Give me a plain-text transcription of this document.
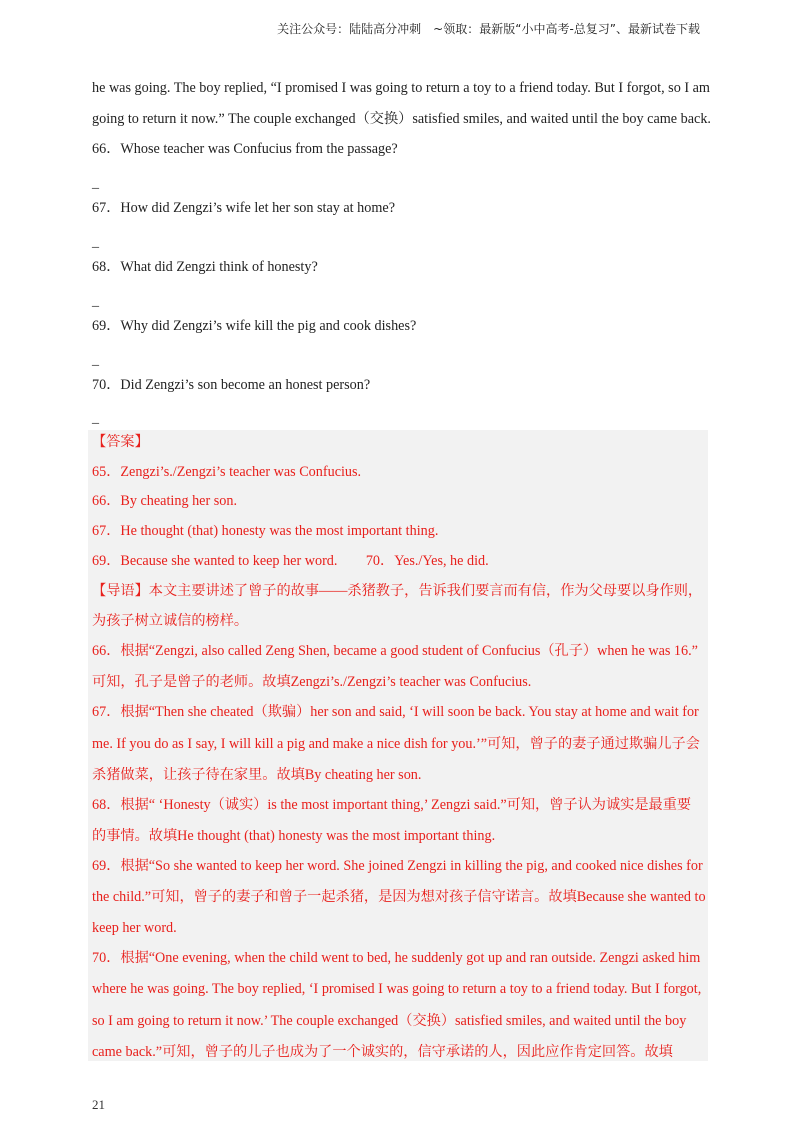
关注公众号：陆陆高分冲刺　~领取：最新版“小中高考-总复习”、最新试卷下载
he was going. The boy replied, “I promised I was going to return a toy to a friend today. But I forgot, so I am
going to return it now.” The couple exchanged（交换）satisfied smiles, and waited until the boy came back.
66．Whose teacher was Confucius from the passage?
_
67．How did Zengzi’s wife let her son stay at home?
_
68．What did Zengzi think of honesty?
_
69．Why did Zengzi’s wife kill the pig and cook dishes?
_
70．Did Zengzi’s son become an honest person?
_
【答案】
65．Zengzi’s./Zengzi’s teacher was Confucius.
66．By cheating her son.
67．He thought (that) honesty was the most important thing.
69．Because she wanted to keep her word.　　70．Yes./Yes, he did.
【导语】本文主要讲述了曾子的故事——杀猪教子，告诉我们要言而有信，作为父母要以身作则，
为孩子树立诚信的榜样。
66．根据“Zengzi, also called Zeng Shen, became a good student of Confucius（孔子）when he was 16.”
可知，孔子是曾子的老师。故填Zengzi’s./Zengzi’s teacher was Confucius.
67．根据“Then she cheated（欺骗）her son and said, ‘I will soon be back. You stay at home and wait for
me. If you do as I say, I will kill a pig and make a nice dish for you.’”可知，曾子的妻子通过欺骗儿子会
杀猪做菜，让孩子待在家里。故填By cheating her son.
68．根据“ ‘Honesty（诚实）is the most important thing,’ Zengzi said.”可知，曾子认为诚实是最重要
的事情。故填He thought (that) honesty was the most important thing.
69．根据“So she wanted to keep her word. She joined Zengzi in killing the pig, and cooked nice dishes for
the child.”可知，曾子的妻子和曾子一起杀猪，是因为想对孩子信守诺言。故填Because she wanted to
keep her word.
70．根据“One evening, when the child went to bed, he suddenly got up and ran outside. Zengzi asked him
where he was going. The boy replied, ‘I promised I was going to return a toy to a friend today. But I forgot,
so I am going to return it now.’ The couple exchanged（交换）satisfied smiles, and waited until the boy
came back.”可知，曾子的儿子也成为了一个诚实的，信守承诺的人，因此应作肯定回答。故填
21
